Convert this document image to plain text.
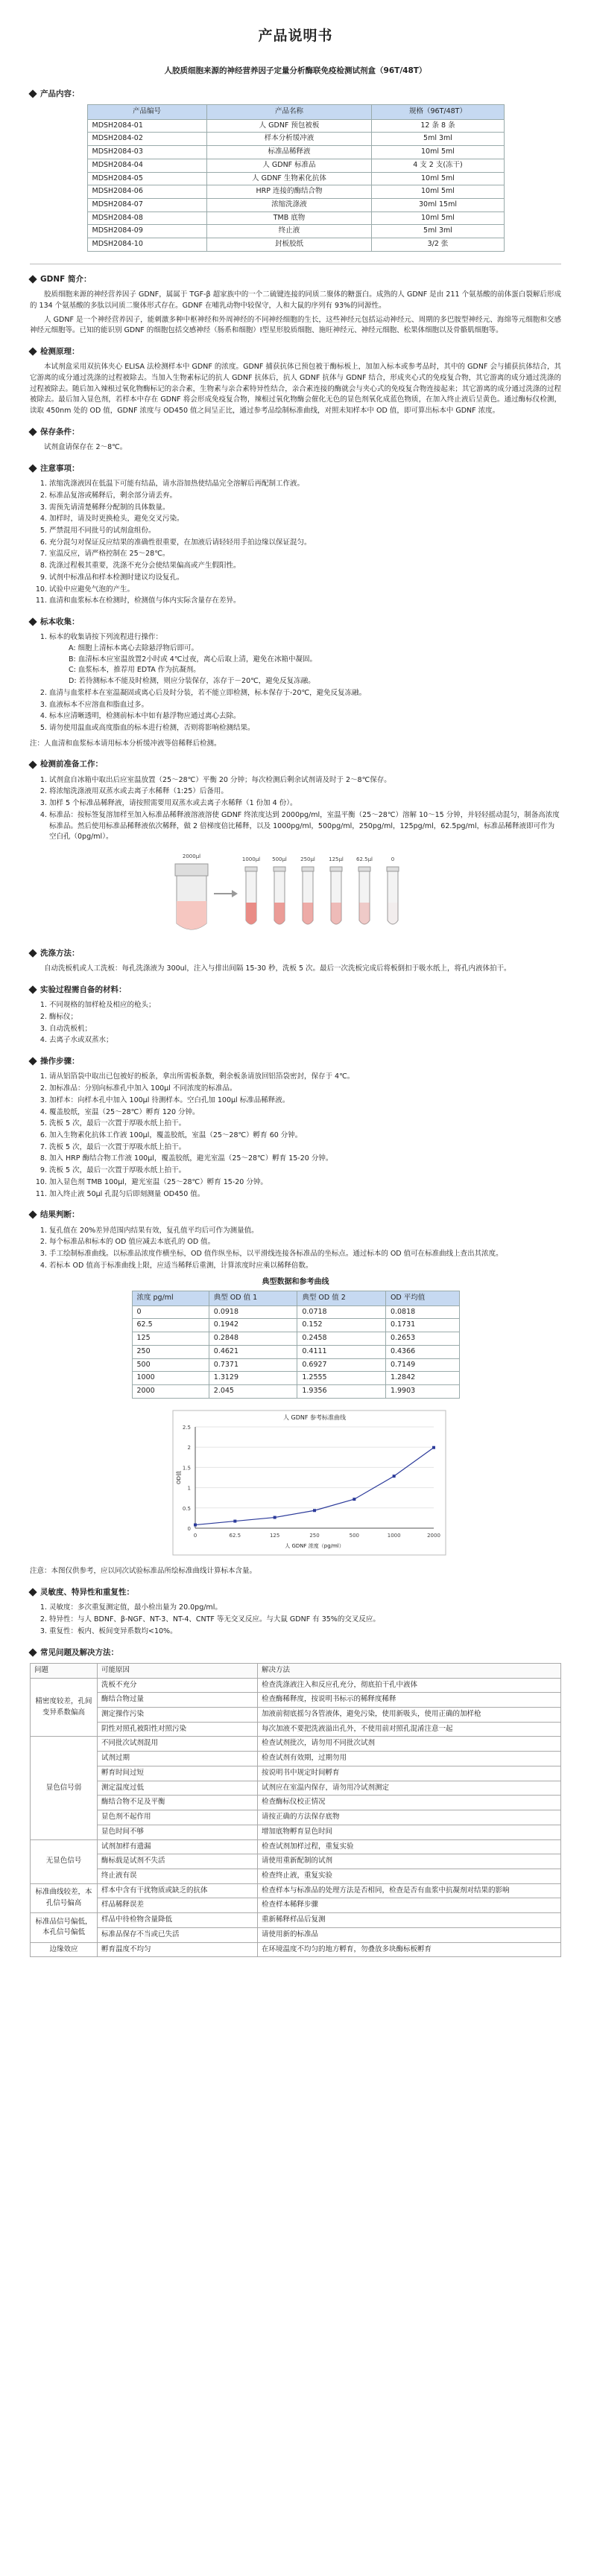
产品说明书
人胶质细胞来源的神经营养因子定量分析酶联免疫检测试剂盒（96T/48T）
产品内容：
产品编号	产品名称	规格（96T/48T）
MDSH2084-01	人 GDNF 预包被板	12 条 8 条
MDSH2084-02	样本分析缓冲液	5ml 3ml
MDSH2084-03	标准品稀释液	10ml 5ml
MDSH2084-04	人 GDNF 标准品	4 支 2 支(冻干)
MDSH2084-05	人 GDNF 生物素化抗体	10ml 5ml
MDSH2084-06	HRP 连接的酶结合物	10ml 5ml
MDSH2084-07	浓缩洗涤液	30ml 15ml
MDSH2084-08	TMB 底物	10ml 5ml
MDSH2084-09	终止液	5ml 3ml
MDSH2084-10	封板胶纸	3/2 张
GDNF 简介：

胶质细胞来源的神经营养因子 GDNF，属属于 TGF-β 超家族中的一个二硫键连接的同质二聚体的糖蛋白。成熟的人 GDNF 是由 211 个氨基酸的前体蛋白裂解后形成的 134 个氨基酸的多肽以同质二聚体形式存在。GDNF 在哺乳动物中较保守，人和大鼠的序列有 93%的同源性。

人 GDNF 是一个神经营养因子，能刺激多种中枢神经和外周神经的不同神经细胞的生长，这些神经元包括运动神经元、周期的多巴胺型神经元、海绵等元细胞和交感神经元细胞等。已知的能识别 GDNF 的细胞包括交感神经（肠系和细胞）Ⅰ型星形胶质细胞、施旺神经元、神经元细胞、松果体细胞以及骨骼肌细胞等。

检测原理：

本试剂盒采用双抗体夹心 ELISA 法检测样本中 GDNF 的浓度。GDNF 捕获抗体已预包被于酶标板上，加加入标本或参考品时，其中的 GDNF 会与捕获抗体结合，其它游离的成分通过洗涤的过程被除去。当加入生物素标记的抗人 GDNF 抗体后，抗人 GDNF 抗体与 GDNF 结合，形成夹心式的免疫复合物，其它游离的成分通过洗涤的过程被除去。随后加入辣根过氧化物酶标记的亲合素，生物素与亲合素特异性结合，亲合素连接的酶就会与夹心式的免疫复合物连接起来；其它游离的成分通过洗涤的过程被除去。最后加入显色剂，若样本中存在 GDNF 将会形成免疫复合物，辣根过氧化物酶会催化无色的显色剂氧化成蓝色物质，在加入终止液后呈黄色。通过酶标仪检测，读取 450nm 处的 OD 值，GDNF 浓度与 OD450 值之间呈正比，通过参考品绘制标准曲线，对照未知样本中 OD 值，即可算出标本中 GDNF 浓度。

保存条件：

试剂盒请保存在 2～8℃。

注意事项：
1. 浓缩洗涤液因在低温下可能有结晶，请水浴加热使结晶完全溶解后再配制工作液。
2. 标准品复溶或稀释后，剩余部分请丢弃。
3. 需预先请清楚稀释分配制的具体数量。
4. 加样时，请及时更换枪头，避免交叉污染。
5. 严禁混用不同批号的试剂盒组份。
6. 充分混匀对保证反应结果的准确性很重要，在加液后请轻轻用手拍边缘以保证混匀。
7. 室温反应，请严格控制在 25～28℃。
8. 洗涤过程极其重要，洗涤不充分会使结果偏高或产生假阳性。
9. 试剂中标准品和样本检测时建议均设复孔。
10. 试验中应避免气泡的产生。
11. 血清和血浆标本在检测时，检测值与体内实际含量存在差异。
标本收集：
1. 标本的收集请按下列流程进行操作：
A: 细胞上清标本离心去除悬浮物后即可。
B: 血清标本应室温放置2小时或 4℃过夜，离心后取上清，避免在冰箱中凝固。
C: 血浆标本，推荐用 EDTA 作为抗凝剂。
D: 若待测标本不能及时检测，则应分装保存，冻存于－20℃，避免反复冻融。
2. 血清与血浆样本在室温凝固或离心后及时分装，若不能立即检测，标本保存于-20℃，避免反复冻融。
3. 血液标本不应溶血和脂血过多。
4. 标本应清晰透明，检测前标本中如有悬浮物应通过离心去除。
5. 请勿使用温血或高度脂血的标本进行检测，否则将影响检测结果。
注：人血清和血浆标本请用标本分析缓冲液等倍稀释后检测。
检测前准备工作：
1. 试剂盒自冰箱中取出后应室温放置（25～28℃）平衡 20 分钟；每次检测后剩余试剂请及时于 2～8℃保存。
2. 将浓缩洗涤液用双蒸水或去离子水稀释（1:25）后备用。
3. 加样 5 个标准品稀释液，请按照需要用双蒸水或去离子水稀释（1 份加 4 份）。
4. 标准品：按标签复溶加样至加入标准品稀释液溶液溶使 GDNF 终浓度达到 2000pg/ml，室温平衡（25～28℃）溶解 10～15 分钟，并轻轻摇动混匀，制备高浓度标准品。然后使用标准品稀释液依次稀释，做 2 倍梯度倍比稀释，以及 1000pg/ml，500pg/ml，250pg/ml，125pg/ml，62.5pg/ml，标准品稀释液即可作为空白孔（0pg/ml）。
2000μl	1000μl 500μl	250μl	125μl 62.5μl	0
洗涤方法：

自动洗板机或人工洗板：每孔洗涤液为 300ul，注入与排出间隔 15-30 秒，洗板 5 次。最后一次洗板完成后将板倒扣于吸水纸上，将孔内液体拍干。

实验过程需自备的材料：
1. 不同规格的加样枪及相应的枪头；
2. 酶标仪；
3. 自动洗板机；
4. 去离子水或双蒸水；
操作步骤：
1. 请从铝箔袋中取出已包被好的板条，拿出所需板条数，剩余板条请放回铝箔袋密封，保存于 4℃。
2. 加标准品：分别向标准孔中加入 100μl 不同浓度的标准品。
3. 加样本：向样本孔中加入 100μl 待测样本。空白孔加 100μl 标准品稀释液。
4. 覆盖胶纸，室温（25～28℃）孵育 120 分钟。
5. 洗板 5 次，最后一次置于厚吸水纸上拍干。
6. 加入生物素化抗体工作液 100μl，覆盖胶纸，室温（25～28℃）孵育 60 分钟。
7. 洗板 5 次，最后一次置于厚吸水纸上拍干。
8. 加入 HRP 酶结合物工作液 100μl，覆盖胶纸，避光室温（25～28℃）孵育 15-20 分钟。
9. 洗板 5 次，最后一次置于厚吸水纸上拍干。
10. 加入显色剂 TMB 100μl，避光室温（25～28℃）孵育 15-20 分钟。
11. 加入终止液 50μl 孔混匀后即刻测量 OD450 值。
结果判断：
1. 复孔值在 20%差异范围内结果有效，复孔值平均后可作为测量值。
2. 每个标准品和标本的 OD 值应减去本底孔的 OD 值。
3. 手工绘制标准曲线。以标准品浓度作横坐标，OD 值作纵坐标，以平滑线连接各标准品的坐标点。通过标本的 OD 值可在标准曲线上查出其浓度。
4. 若标本 OD 值高于标准曲线上限，应适当稀释后重测，计算浓度时应乘以稀释倍数。
典型数据和参考曲线
浓度 pg/ml	典型 OD 值 1	典型 OD 值 2	OD 平均值
0	0.0918	0.0718	0.0818
62.5	0.1942	0.152	0.1731
125	0.2848	0.2458	0.2653
250	0.4621	0.4111	0.4366
500	0.7371	0.6927	0.7149
1000	1.3129	1.2555	1.2842
2000	2.045	1.9356	1.9903
人 GDNF 参考标准曲线
0
0.5
1
1.5
2
2.5
0	62.5	125	250	500	1000	2000
人 GDNF 浓度（pg/ml）
OD值
注意：本图仅供参考，应以同次试验标准品所绘标准曲线计算标本含量。
灵敏度、特异性和重复性：
1. 灵敏度：多次重复测定值，最小检出量为 20.0pg/ml。
2. 特异性：与人 BDNF、β-NGF、NT-3、NT-4、CNTF 等无交叉反应。与大鼠 GDNF 有 35%的交叉反应。
3. 重复性：板内、板间变异系数均<10%。
常见问题及解决方法：
问题	可能原因	解决方法
精密度较差，孔间变异系数偏高	洗板不充分	检查洗涤液注入和反应孔充分，彻底拍干孔中液体
	酶结合物过量	检查酶稀释度，按说明书标示的稀释度稀释
	测定操作污染	加液前彻底摇匀各管液体，避免污染，使用新吸头，使用正确的加样枪
	阴性对照孔被阳性对照污染	每次加液不要把洗液溢出孔外，不使用前对照孔混淆注意一起
显色信号弱	不同批次试剂混用	检查试剂批次，请勿用不同批次试剂
	试剂过期	检查试剂有效期，过期勿用
	孵育时间过短	按说明书中规定时间孵育
	测定温度过低	试剂应在室温内保存，请勿用冷试剂测定
	酶结合物不足及平衡	检查酶标仪校正情况
	显色剂不起作用	请按正确的方法保存底物
	显色时间不够	增加底物孵育显色时间
无显色信号	试剂加样有遗漏	检查试剂加样过程，重复实验
	酶标载是试剂不失活	请使用重新配制的试剂
	终止液有误	检查终止液，重复实验
标准曲线较差，本孔信号偏高	样本中含有干扰物质或缺乏的抗体	检查样本与标准品的处理方法是否相同，检查是否有血浆中抗凝剂对结果的影响
	样品稀释误差	检查样本稀释步骤
标准品信号偏低，本孔信号偏低	样品中待检物含量降低	重新稀释样品后复测
	标准品保存不当或已失活	请使用新的标准品
边缘效应	孵育温度不均匀	在环境温度不均匀的地方孵育，勿叠放多块酶标板孵育
